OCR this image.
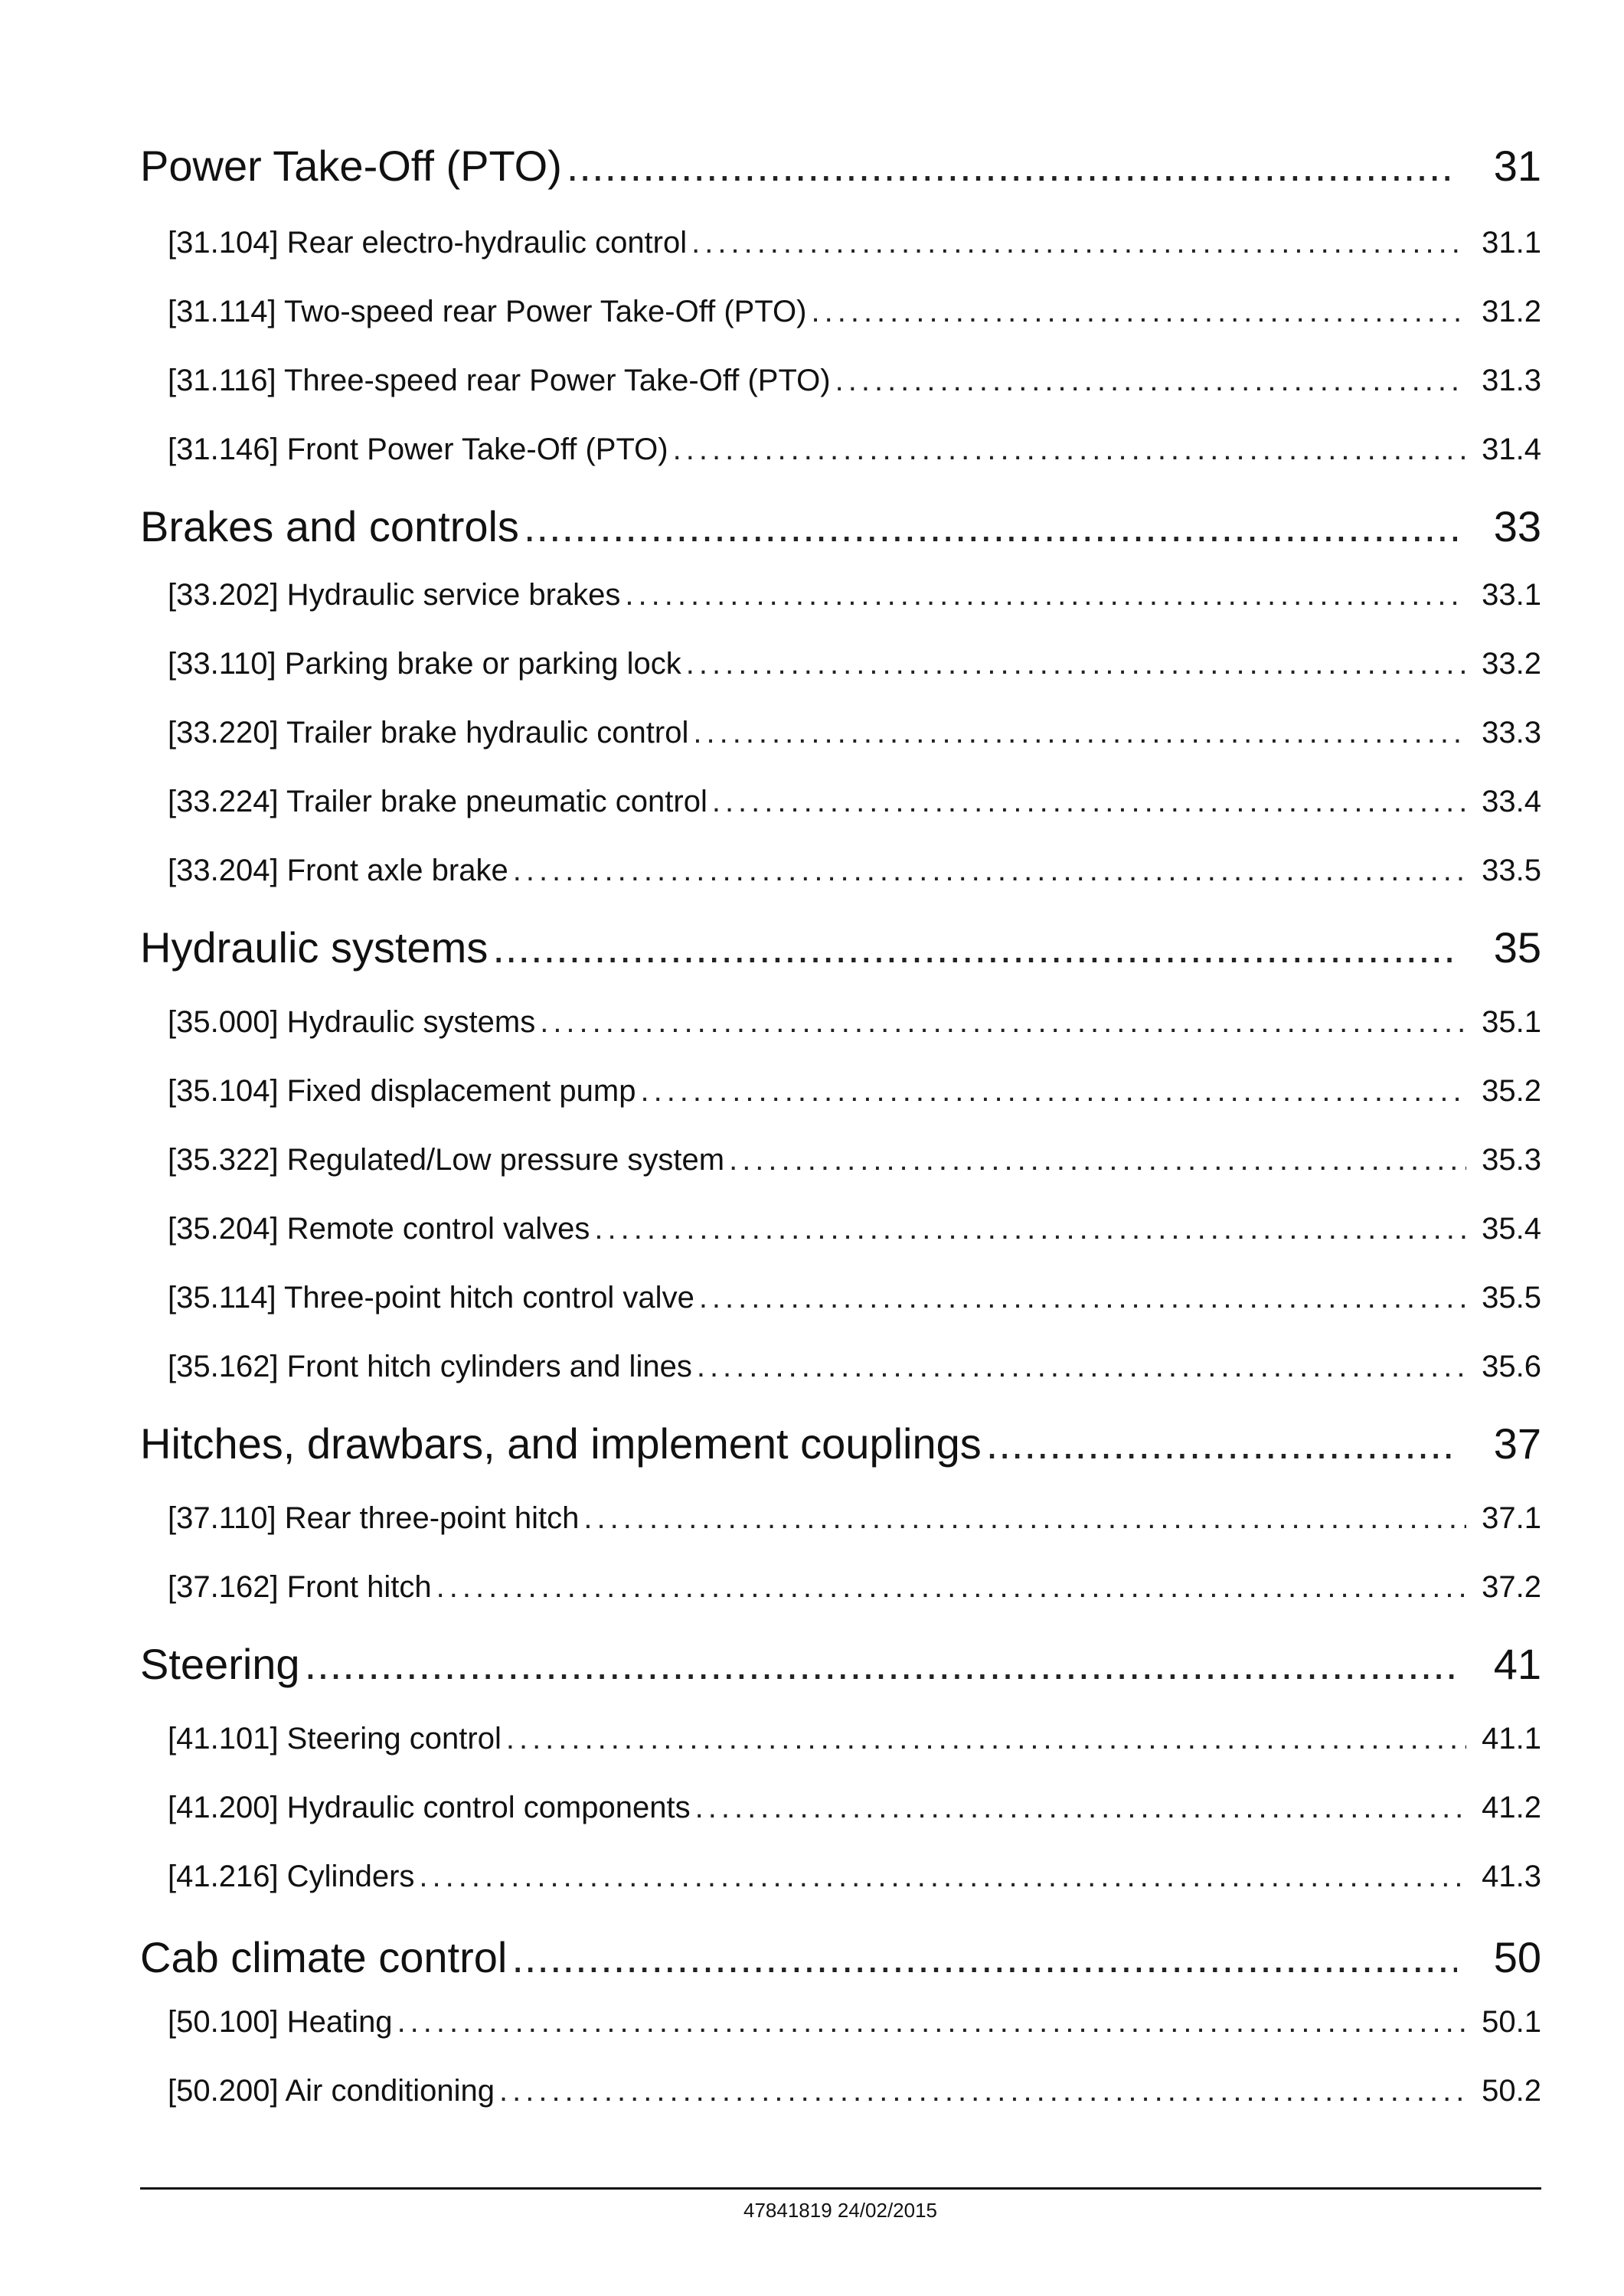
Power Take-Off (PTO) .....	31
[31.104] Rear electro-hydraulic control .....	31.1
[31.114] Two-speed rear Power Take-Off (PTO) .....	31.2
[31.116] Three-speed rear Power Take-Off (PTO) .....	31.3
[31.146] Front Power Take-Off (PTO) .....	31.4
Brakes and controls .....	33
[33.202] Hydraulic service brakes .....	33.1
[33.110] Parking brake or parking lock .....	33.2
[33.220] Trailer brake hydraulic control .....	33.3
[33.224] Trailer brake pneumatic control .....	33.4
[33.204] Front axle brake .....	33.5
Hydraulic systems .....	35
[35.000] Hydraulic systems .....	35.1
[35.104] Fixed displacement pump .....	35.2
[35.322] Regulated/Low pressure system .....	35.3
[35.204] Remote control valves .....	35.4
[35.114] Three-point hitch control valve .....	35.5
[35.162] Front hitch cylinders and lines .....	35.6
Hitches, drawbars, and implement couplings .....	37
[37.110] Rear three-point hitch .....	37.1
[37.162] Front hitch .....	37.2
Steering .....	41
[41.101] Steering control .....	41.1
[41.200] Hydraulic control components .....	41.2
[41.216] Cylinders .....	41.3
Cab climate control .....	50
[50.100] Heating .....	50.1
[50.200] Air conditioning .....	50.2
47841819 24/02/2015
